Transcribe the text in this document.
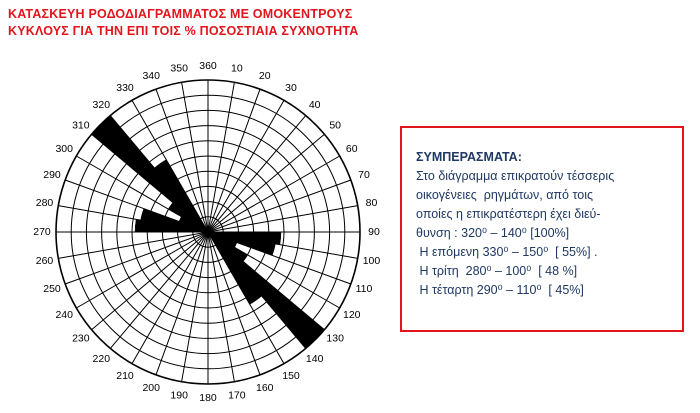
ΚΑΤΑΣΚΕΥΗ ΡΟΔΟΔΙΑΓΡΑΜΜΑΤΟΣ ΜΕ ΟΜΟΚΕΝΤΡΟΥΣ
ΚΥΚΛΟΥΣ ΓΙΑ ΤΗΝ ΕΠΙ ΤΟΙΣ % ΠΟΣΟΣΤΙΑΙΑ ΣΥΧΝΟΤΗΤΑ
360 10
20
30
40
50
60
70
80
90
100
110
120
130
140
150
160
170
180
190
200
210
220
230
240
250
260
270
280
290
300
310
320
330
340
350
ΣΥΜΠΕΡΑΣΜΑΤΑ:
Στο διάγραμμα επικρατούν τέσσερις
οικογένειες  ρηγμάτων, από τοις
οποίες η επικρατέστερη έχει διεύ-
θυνση : 320⁰ – 140⁰ [100%]
Η επόμενη 330⁰ – 150⁰  [ 55%] .
Η τρίτη  280⁰ – 100⁰  [ 48 %]
Η τέταρτη 290⁰ – 110⁰  [ 45%]
